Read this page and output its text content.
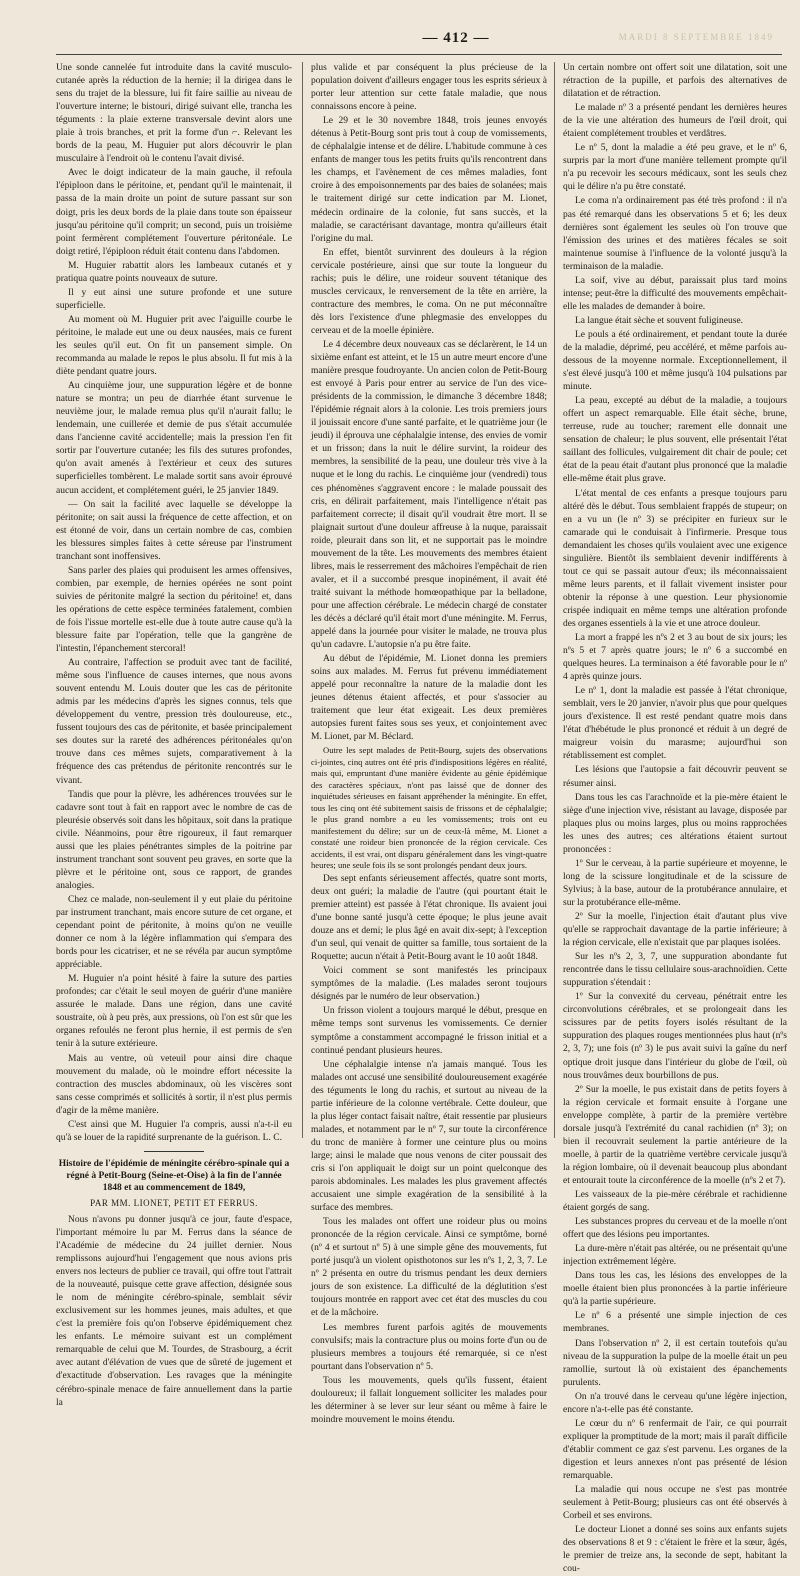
— 412 —	MARDI 8 SEPTEMBRE 1849

Une sonde cannelée fut introduite dans la cavité musculo-cutanée après la réduction de la hernie; il la dirigea dans le sens du trajet de la blessure, lui fit faire saillie au niveau de l'ouverture interne; le bistouri, dirigé suivant elle, trancha les téguments : la plaie externe transversale devint alors une plaie à trois branches, et prit la forme d'un ⌐. Relevant les bords de la peau, M. Huguier put alors découvrir le plan musculaire à l'endroit où le contenu l'avait divisé.

Avec le doigt indicateur de la main gauche, il refoula l'épiploon dans le péritoine, et, pendant qu'il le maintenait, il passa de la main droite un point de suture passant sur son doigt, pris les deux bords de la plaie dans toute son épaisseur jusqu'au péritoine qu'il comprit; un second, puis un troisième point fermèrent complétement l'ouverture péritonéale. Le doigt retiré, l'épiploon réduit était contenu dans l'abdomen.

M. Huguier rabattit alors les lambeaux cutanés et y pratiqua quatre points nouveaux de suture.

Il y eut ainsi une suture profonde et une suture superficielle.

Au moment où M. Huguier prit avec l'aiguille courbe le péritoine, le malade eut une ou deux nausées, mais ce furent les seules qu'il eut. On fit un pansement simple. On recommanda au malade le repos le plus absolu. Il fut mis à la diète pendant quatre jours.

Au cinquième jour, une suppuration légère et de bonne nature se montra; un peu de diarrhée étant survenue le neuvième jour, le malade remua plus qu'il n'aurait fallu; le lendemain, une cuillerée et demie de pus s'était accumulée dans l'ancienne cavité accidentelle; mais la pression l'en fit sortir par l'ouverture cutanée; les fils des sutures profondes, qu'on avait amenés à l'extérieur et ceux des sutures superficielles tombèrent. Le malade sortit sans avoir éprouvé aucun accident, et complétement guéri, le 25 janvier 1849.

— On sait la facilité avec laquelle se développe la péritonite; on sait aussi la fréquence de cette affection, et on est étonné de voir, dans un certain nombre de cas, combien les blessures simples faites à cette séreuse par l'instrument tranchant sont inoffensives.

Sans parler des plaies qui produisent les armes offensives, combien, par exemple, de hernies opérées ne sont point suivies de péritonite malgré la section du péritoine! et, dans les opérations de cette espèce terminées fatalement, combien de fois l'issue mortelle est-elle due à toute autre cause qu'à la blessure faite par l'opération, telle que la gangrène de l'intestin, l'épanchement stercoral!

Au contraire, l'affection se produit avec tant de facilité, même sous l'influence de causes internes, que nous avons souvent entendu M. Louis douter que les cas de péritonite admis par les médecins d'après les signes connus, tels que développement du ventre, pression très douloureuse, etc., fussent toujours des cas de péritonite, et basée principalement ses doutes sur la rareté des adhérences péritonéales qu'on trouve dans ces mêmes sujets, comparativement à la fréquence des cas prétendus de péritonite rencontrés sur le vivant.

Tandis que pour la plèvre, les adhérences trouvées sur le cadavre sont tout à fait en rapport avec le nombre de cas de pleurésie observés soit dans les hôpitaux, soit dans la pratique civile. Néanmoins, pour être rigoureux, il faut remarquer aussi que les plaies pénétrantes simples de la poitrine par instrument tranchant sont souvent peu graves, en sorte que la plèvre et le péritoine ont, sous ce rapport, de grandes analogies.

Chez ce malade, non-seulement il y eut plaie du péritoine par instrument tranchant, mais encore suture de cet organe, et cependant point de péritonite, à moins qu'on ne veuille donner ce nom à la légère inflammation qui s'empara des bords pour les cicatriser, et ne se révéla par aucun symptôme appréciable.

M. Huguier n'a point hésité à faire la suture des parties profondes; car c'était le seul moyen de guérir d'une manière assurée le malade. Dans une région, dans une cavité soustraite, où à peu près, aux pressions, où l'on est sûr que les organes refoulés ne feront plus hernie, il est permis de s'en tenir à la suture extérieure.

Mais au ventre, où veteuil pour ainsi dire chaque mouvement du malade, où le moindre effort nécessite la contraction des muscles abdominaux, où les viscères sont sans cesse comprimés et sollicités à sortir, il n'est plus permis d'agir de la même manière.

C'est ainsi que M. Huguier l'a compris, aussi n'a-t-il eu qu'à se louer de la rapidité surprenante de la guérison. L. C.

Histoire de l'épidémie de méningite cérébro-spinale qui a régné à Petit-Bourg (Seine-et-Oise) à la fin de l'année 1848 et au commencement de 1849,

PAR MM. LIONET, PETIT ET FERRUS.

Nous n'avons pu donner jusqu'à ce jour, faute d'espace, l'important mémoire lu par M. Ferrus dans la séance de l'Académie de médecine du 24 juillet dernier. Nous remplissons aujourd'hui l'engagement que nous avions pris envers nos lecteurs de publier ce travail, qui offre tout l'attrait de la nouveauté, puisque cette grave affection, désignée sous le nom de méningite cérébro-spinale, semblait sévir exclusivement sur les hommes jeunes, mais adultes, et que c'est la première fois qu'on l'observe épidémiquement chez les enfants. Le mémoire suivant est un complément remarquable de celui que M. Tourdes, de Strasbourg, a écrit avec autant d'élévation de vues que de sûreté de jugement et d'exactitude d'observation. Les ravages que la méningite cérébro-spinale menace de faire annuellement dans la partie la

plus valide et par conséquent la plus précieuse de la population doivent d'ailleurs engager tous les esprits sérieux à porter leur attention sur cette fatale maladie, que nous connaissons encore à peine.

Le 29 et le 30 novembre 1848, trois jeunes envoyés détenus à Petit-Bourg sont pris tout à coup de vomissements, de céphalalgie intense et de délire. L'habitude commune à ces enfants de manger tous les petits fruits qu'ils rencontrent dans les champs, et l'avènement de ces mêmes maladies, font croire à des empoisonnements par des baies de solanées; mais le traitement dirigé sur cette indication par M. Lionet, médecin ordinaire de la colonie, fut sans succès, et la maladie, se caractérisant davantage, montra qu'ailleurs était l'origine du mal.

En effet, bientôt survinrent des douleurs à la région cervicale postérieure, ainsi que sur toute la longueur du rachis; puis le délire, une roideur souvent tétanique des muscles cervicaux, le renversement de la tête en arrière, la contracture des membres, le coma. On ne put méconnaître dès lors l'existence d'une phlegmasie des enveloppes du cerveau et de la moelle épinière.

Le 4 décembre deux nouveaux cas se déclarèrent, le 14 un sixième enfant est atteint, et le 15 un autre meurt encore d'une manière presque foudroyante. Un ancien colon de Petit-Bourg est envoyé à Paris pour entrer au service de l'un des vice-présidents de la commission, le dimanche 3 décembre 1848; l'épidémie régnait alors à la colonie. Les trois premiers jours il jouissait encore d'une santé parfaite, et le quatrième jour (le jeudi) il éprouva une céphalalgie intense, des envies de vomir et un frisson; dans la nuit le délire survint, la roideur des membres, la sensibilité de la peau, une douleur très vive à la nuque et le long du rachis. Le cinquième jour (vendredi) tous ces phénomènes s'aggravent encore : le malade poussait des cris, en délirait parfaitement, mais l'intelligence n'était pas parfaitement correcte; il disait qu'il voudrait être mort. Il se plaignait surtout d'une douleur affreuse à la nuque, paraissait roide, pleurait dans son lit, et ne supportait pas le moindre mouvement de la tête. Les mouvements des membres étaient libres, mais le resserrement des mâchoires l'empêchait de rien avaler, et il a succombé presque inopinément, il avait été traité suivant la méthode homœopathique par la belladone, pour une affection cérébrale. Le médecin chargé de constater les décès a déclaré qu'il était mort d'une méningite. M. Ferrus, appelé dans la journée pour visiter le malade, ne trouva plus qu'un cadavre. L'autopsie n'a pu être faite.

Au début de l'épidémie, M. Lionet donna les premiers soins aux malades. M. Ferrus fut prévenu immédiatement appelé pour reconnaître la nature de la maladie dont les jeunes détenus étaient affectés, et pour s'associer au traitement que leur état exigeait. Les deux premières autopsies furent faites sous ses yeux, et conjointement avec M. Lionet, par M. Béclard.

Outre les sept malades de Petit-Bourg, sujets des observations ci-jointes, cinq autres ont été pris d'indispositions légères en réalité, mais qui, empruntant d'une manière évidente au génie épidémique des caractères spéciaux, n'ont pas laissé que de donner des inquiétudes sérieuses en faisant appréhender la méningite. En effet, tous les cinq ont été subitement saisis de frissons et de céphalalgie; le plus grand nombre a eu les vomissements; trois ont eu manifestement du délire; sur un de ceux-là même, M. Lionet a constaté une roideur bien prononcée de la région cervicale. Ces accidents, il est vrai, ont disparu généralement dans les vingt-quatre heures; une seule fois ils se sont prolongés pendant deux jours.

Des sept enfants sérieusement affectés, quatre sont morts, deux ont guéri; la maladie de l'autre (qui pourtant était le premier atteint) est passée à l'état chronique. Ils avaient joui d'une bonne santé jusqu'à cette époque; le plus jeune avait douze ans et demi; le plus âgé en avait dix-sept; à l'exception d'un seul, qui venait de quitter sa famille, tous sortaient de la Roquette; aucun n'était à Petit-Bourg avant le 10 août 1848.

Voici comment se sont manifestés les principaux symptômes de la maladie. (Les malades seront toujours désignés par le numéro de leur observation.)

Un frisson violent a toujours marqué le début, presque en même temps sont survenus les vomissements. Ce dernier symptôme a constamment accompagné le frisson initial et a continué pendant plusieurs heures.

Une céphalalgie intense n'a jamais manqué. Tous les malades ont accusé une sensibilité douloureusement exagérée des téguments le long du rachis, et surtout au niveau de la partie inférieure de la colonne vertébrale. Cette douleur, que la plus léger contact faisait naître, était ressentie par plusieurs malades, et notamment par le nº 7, sur toute la circonférence du tronc de manière à former une ceinture plus ou moins large; ainsi le malade que nous venons de citer poussait des cris si l'on appliquait le doigt sur un point quelconque des parois abdominales. Les malades les plus gravement affectés accusaient une simple exagération de la sensibilité à la surface des membres.

Tous les malades ont offert une roideur plus ou moins prononcée de la région cervicale. Ainsi ce symptôme, borné (nº 4 et surtout nº 5) à une simple gêne des mouvements, fut porté jusqu'à un violent opisthotonos sur les nºs 1, 2, 3, 7. Le nº 2 présenta en outre du trismus pendant les deux derniers jours de son existence. La difficulté de la déglutition s'est toujours montrée en rapport avec cet état des muscles du cou et de la mâchoire.

Les membres furent parfois agités de mouvements convulsifs; mais la contracture plus ou moins forte d'un ou de plusieurs membres a toujours été remarquée, si ce n'est pourtant dans l'observation nº 5.

Tous les mouvements, quels qu'ils fussent, étaient douloureux; il fallait longuement solliciter les malades pour les déterminer à se lever sur leur séant ou même à faire le moindre mouvement le moins étendu.

Un certain nombre ont offert soit une dilatation, soit une rétraction de la pupille, et parfois des alternatives de dilatation et de rétraction.

Le malade nº 3 a présenté pendant les dernières heures de la vie une altération des humeurs de l'œil droit, qui étaient complétement troubles et verdâtres.

Le nº 5, dont la maladie a été peu grave, et le nº 6, surpris par la mort d'une manière tellement prompte qu'il n'a pu recevoir les secours médicaux, sont les seuls chez qui le délire n'a pu être constaté.

Le coma n'a ordinairement pas été très profond : il n'a pas été remarqué dans les observations 5 et 6; les deux dernières sont également les seules où l'on trouve que l'émission des urines et des matières fécales se soit maintenue soumise à l'influence de la volonté jusqu'à la terminaison de la maladie.

La soif, vive au début, paraissait plus tard moins intense; peut-être la difficulté des mouvements empêchait-elle les malades de demander à boire.

La langue était sèche et souvent fuligineuse.

Le pouls a été ordinairement, et pendant toute la durée de la maladie, déprimé, peu accéléré, et même parfois au-dessous de la moyenne normale. Exceptionnellement, il s'est élevé jusqu'à 100 et même jusqu'à 104 pulsations par minute.

La peau, excepté au début de la maladie, a toujours offert un aspect remarquable. Elle était sèche, brune, terreuse, rude au toucher; rarement elle donnait une sensation de chaleur; le plus souvent, elle présentait l'état saillant des follicules, vulgairement dit chair de poule; cet état de la peau était d'autant plus prononcé que la maladie elle-même était plus grave.

L'état mental de ces enfants a presque toujours paru altéré dès le début. Tous semblaient frappés de stupeur; on en a vu un (le nº 3) se précipiter en furieux sur le camarade qui le conduisait à l'infirmerie. Presque tous demandaient les choses qu'ils voulaient avec une exigence singulière. Bientôt ils semblaient devenir indifférents à tout ce qui se passait autour d'eux; ils méconnaissaient même leurs parents, et il fallait vivement insister pour obtenir la réponse à une question. Leur physionomie crispée indiquait en même temps une altération profonde des organes essentiels à la vie et une atroce douleur.

La mort a frappé les nºs 2 et 3 au bout de six jours; les nºs 5 et 7 après quatre jours; le nº 6 a succombé en quelques heures. La terminaison a été favorable pour le nº 4 après quinze jours.

Le nº 1, dont la maladie est passée à l'état chronique, semblait, vers le 20 janvier, n'avoir plus que pour quelques jours d'existence. Il est resté pendant quatre mois dans l'état d'hébétude le plus prononcé et réduit à un degré de maigreur voisin du marasme; aujourd'hui son rétablissement est complet.

Les lésions que l'autopsie a fait découvrir peuvent se résumer ainsi.

Dans tous les cas l'arachnoïde et la pie-mère étaient le siège d'une injection vive, résistant au lavage, disposée par plaques plus ou moins larges, plus ou moins rapprochées les unes des autres; ces altérations étaient surtout prononcées :

1º Sur le cerveau, à la partie supérieure et moyenne, le long de la scissure longitudinale et de la scissure de Sylvius; à la base, autour de la protubérance annulaire, et sur la protubérance elle-même.

2º Sur la moelle, l'injection était d'autant plus vive qu'elle se rapprochait davantage de la partie inférieure; à la région cervicale, elle n'existait que par plaques isolées.

Sur les nºs 2, 3, 7, une suppuration abondante fut rencontrée dans le tissu cellulaire sous-arachnoïdien. Cette suppuration s'étendait :

1º Sur la convexité du cerveau, pénétrait entre les circonvolutions cérébrales, et se prolongeait dans les scissures par de petits foyers isolés résultant de la suppuration des plaques rouges mentionnées plus haut (nºs 2, 3, 7); une fois (nº 3) le pus avait suivi la gaîne du nerf optique droit jusque dans l'intérieur du globe de l'œil, où nous trouvâmes deux bourbillons de pus.

2º Sur la moelle, le pus existait dans de petits foyers à la région cervicale et formait ensuite à l'organe une enveloppe complète, à partir de la première vertèbre dorsale jusqu'à l'extrémité du canal rachidien (nº 3); on bien il recouvrait seulement la partie antérieure de la moelle, à partir de la quatrième vertèbre cervicale jusqu'à la région lombaire, où il devenait beaucoup plus abondant et entourait toute la circonférence de la moelle (nºs 2 et 7).

Les vaisseaux de la pie-mère cérébrale et rachidienne étaient gorgés de sang.

Les substances propres du cerveau et de la moelle n'ont offert que des lésions peu importantes.

La dure-mère n'était pas altérée, ou ne présentait qu'une injection extrêmement légère.

Dans tous les cas, les lésions des enveloppes de la moelle étaient bien plus prononcées à la partie inférieure qu'à la partie supérieure.

Le nº 6 a présenté une simple injection de ces membranes.

Dans l'observation nº 2, il est certain toutefois qu'au niveau de la suppuration la pulpe de la moelle était un peu ramollie, surtout là où existaient des épanchements purulents.

On n'a trouvé dans le cerveau qu'une légère injection, encore n'a-t-elle pas été constante.

Le cœur du nº 6 renfermait de l'air, ce qui pourrait expliquer la promptitude de la mort; mais il paraît difficile d'établir comment ce gaz s'est parvenu. Les organes de la digestion et leurs annexes n'ont pas présenté de lésion remarquable.

La maladie qui nous occupe ne s'est pas montrée seulement à Petit-Bourg; plusieurs cas ont été observés à Corbeil et ses environs.

Le docteur Lionet a donné ses soins aux enfants sujets des observations 8 et 9 : c'étaient le frère et la sœur, âgés, le premier de treize ans, la seconde de sept, habitant la cou-
